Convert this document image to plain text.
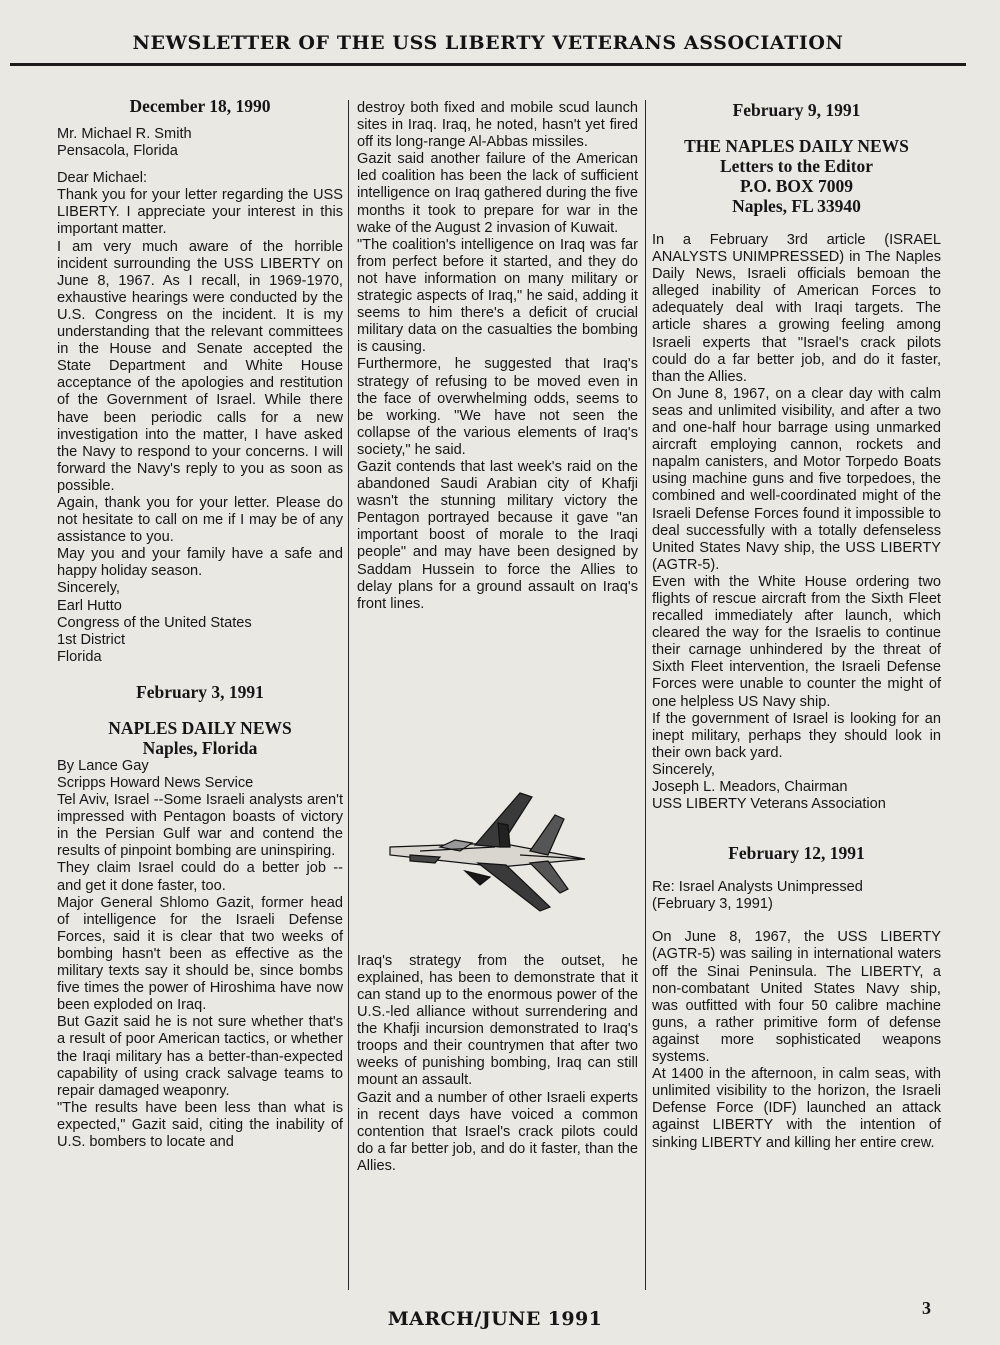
NEWSLETTER OF THE USS LIBERTY VETERANS ASSOCIATION

December 18, 1990

Mr. Michael R. Smith

Pensacola, Florida

Dear Michael:

Thank you for your letter regarding the USS LIBERTY. I appreciate your interest in this important matter.

I am very much aware of the horrible incident surrounding the USS LIBERTY on June 8, 1967. As I recall, in 1969-1970, exhaustive hearings were conducted by the U.S. Congress on the incident. It is my understanding that the relevant committees in the House and Senate accepted the State Department and White House acceptance of the apologies and restitution of the Government of Israel. While there have been periodic calls for a new investigation into the matter, I have asked the Navy to respond to your concerns. I will forward the Navy's reply to you as soon as possible.

Again, thank you for your letter. Please do not hesitate to call on me if I may be of any assistance to you.

May you and your family have a safe and happy holiday season.

Sincerely,

Earl Hutto

Congress of the United States

1st District

Florida

February 3, 1991

NAPLES DAILY NEWS

Naples, Florida

By Lance Gay

Scripps Howard News Service

Tel Aviv, Israel --Some Israeli analysts aren't impressed with Pentagon boasts of victory in the Persian Gulf war and contend the results of pinpoint bombing are uninspiring.

They claim Israel could do a better job -- and get it done faster, too.

Major General Shlomo Gazit, former head of intelligence for the Israeli Defense Forces, said it is clear that two weeks of bombing hasn't been as effective as the military texts say it should be, since bombs five times the power of Hiroshima have now been exploded on Iraq.

But Gazit said he is not sure whether that's a result of poor American tactics, or whether the Iraqi military has a better-than-expected capability of using crack salvage teams to repair damaged weaponry.

"The results have been less than what is expected," Gazit said, citing the inability of U.S. bombers to locate and

destroy both fixed and mobile scud launch sites in Iraq. Iraq, he noted, hasn't yet fired off its long-range Al-Abbas missiles.

Gazit said another failure of the American led coalition has been the lack of sufficient intelligence on Iraq gathered during the five months it took to prepare for war in the wake of the August 2 invasion of Kuwait.

"The coalition's intelligence on Iraq was far from perfect before it started, and they do not have information on many military or strategic aspects of Iraq," he said, adding it seems to him there's a deficit of crucial military data on the casualties the bombing is causing.

Furthermore, he suggested that Iraq's strategy of refusing to be moved even in the face of overwhelming odds, seems to be working. "We have not seen the collapse of the various elements of Iraq's society," he said.

Gazit contends that last week's raid on the abandoned Saudi Arabian city of Khafji wasn't the stunning military victory the Pentagon portrayed because it gave "an important boost of morale to the Iraqi people" and may have been designed by Saddam Hussein to force the Allies to delay plans for a ground assault on Iraq's front lines.

Iraq's strategy from the outset, he explained, has been to demonstrate that it can stand up to the enormous power of the U.S.-led alliance without surrendering and the Khafji incursion demonstrated to Iraq's troops and their countrymen that after two weeks of punishing bombing, Iraq can still mount an assault.

Gazit and a number of other Israeli experts in recent days have voiced a common contention that Israel's crack pilots could do a far better job, and do it faster, than the Allies.

February 9, 1991

THE NAPLES DAILY NEWS

Letters to the Editor

P.O. BOX 7009

Naples, FL 33940

In a February 3rd article (ISRAEL ANALYSTS UNIMPRESSED) in The Naples Daily News, Israeli officials bemoan the alleged inability of American Forces to adequately deal with Iraqi targets. The article shares a growing feeling among Israeli experts that "Israel's crack pilots could do a far better job, and do it faster, than the Allies.

On June 8, 1967, on a clear day with calm seas and unlimited visibility, and after a two and one-half hour barrage using unmarked aircraft employing cannon, rockets and napalm canisters, and Motor Torpedo Boats using machine guns and five torpedoes, the combined and well-coordinated might of the Israeli Defense Forces found it impossible to deal successfully with a totally defenseless United States Navy ship, the USS LIBERTY (AGTR-5).

Even with the White House ordering two flights of rescue aircraft from the Sixth Fleet recalled immediately after launch, which cleared the way for the Israelis to continue their carnage unhindered by the threat of Sixth Fleet intervention, the Israeli Defense Forces were unable to counter the might of one helpless US Navy ship.

If the government of Israel is looking for an inept military, perhaps they should look in their own back yard.

Sincerely,

Joseph L. Meadors, Chairman

USS LIBERTY Veterans Association

February 12, 1991

Re: Israel Analysts Unimpressed

(February 3, 1991)

On June 8, 1967, the USS LIBERTY (AGTR-5) was sailing in international waters off the Sinai Peninsula. The LIBERTY, a non-combatant United States Navy ship, was outfitted with four 50 calibre machine guns, a rather primitive form of defense against more sophisticated weapons systems.

At 1400 in the afternoon, in calm seas, with unlimited visibility to the horizon, the Israeli Defense Force (IDF) launched an attack against LIBERTY with the intention of sinking LIBERTY and killing her entire crew.

MARCH/JUNE 1991	3
